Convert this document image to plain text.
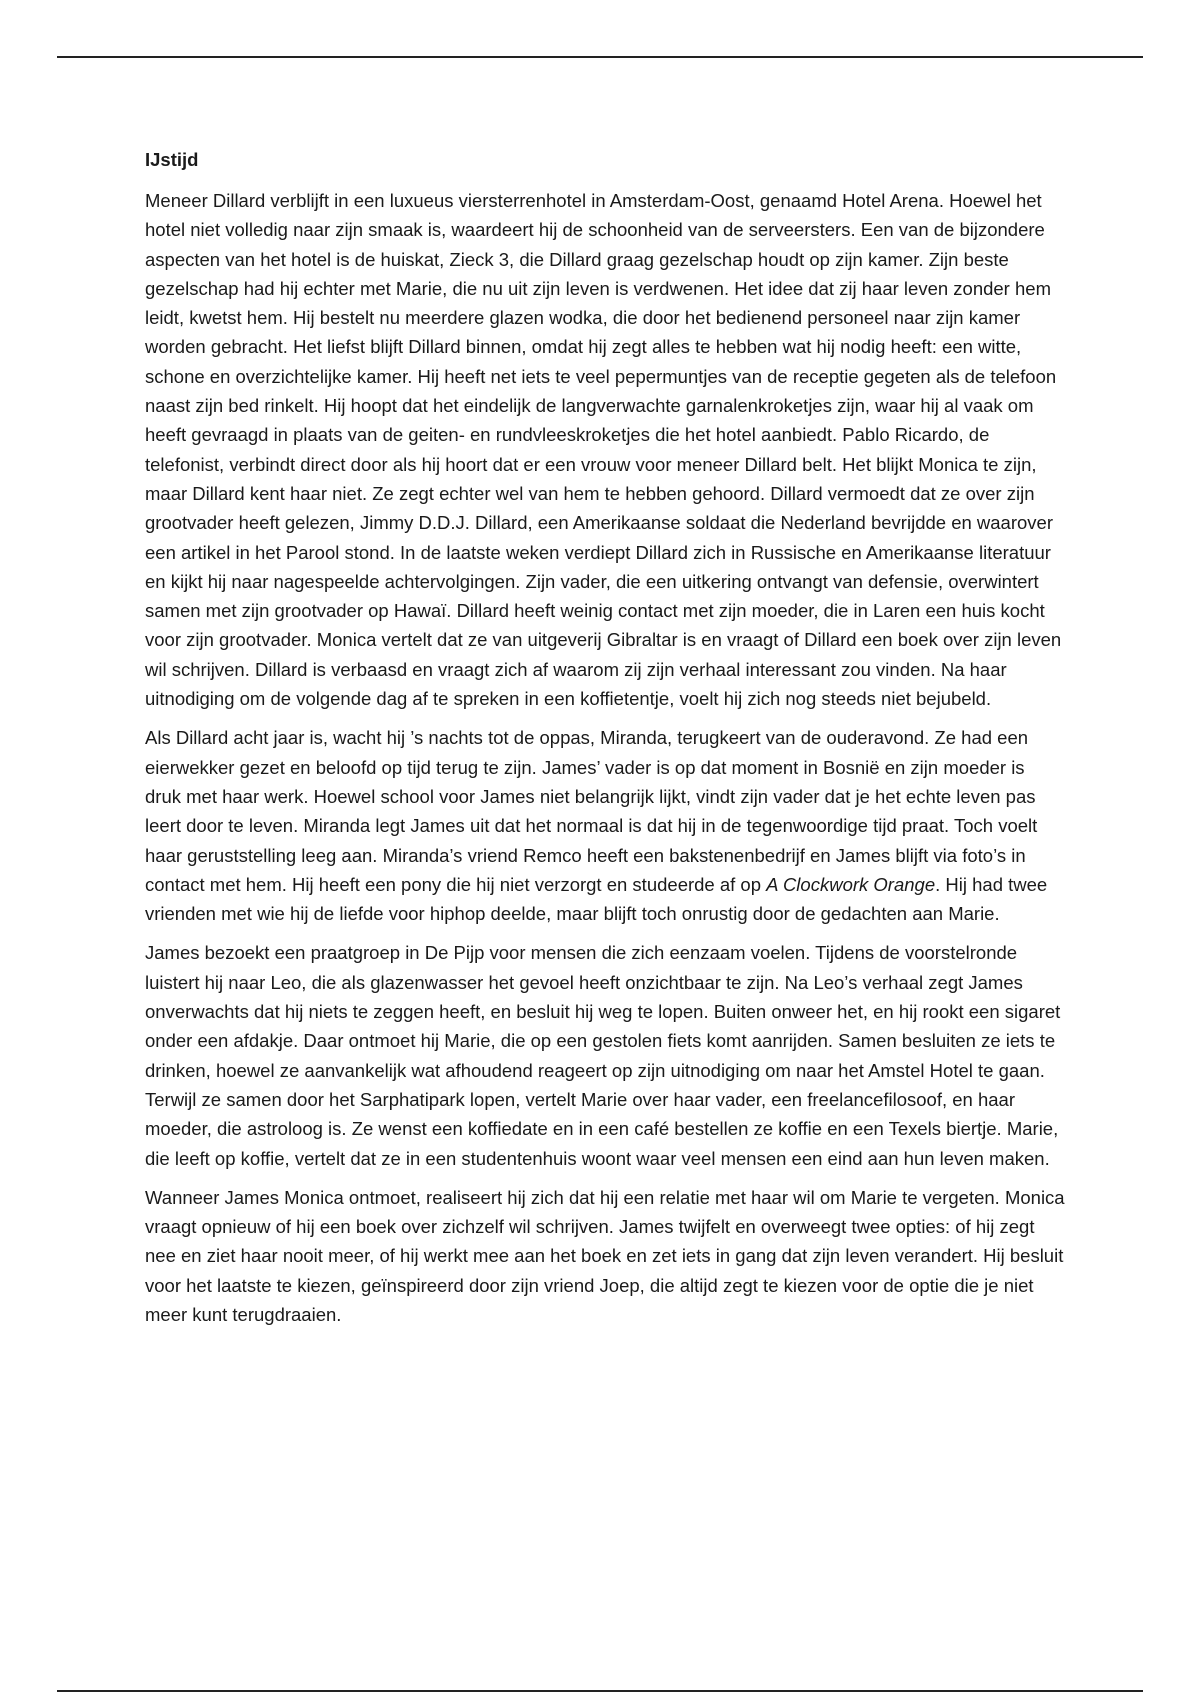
IJstijd

Meneer Dillard verblijft in een luxueus viersterrenhotel in Amsterdam-Oost, genaamd Hotel Arena. Hoewel het hotel niet volledig naar zijn smaak is, waardeert hij de schoonheid van de serveersters. Een van de bijzondere aspecten van het hotel is de huiskat, Zieck 3, die Dillard graag gezelschap houdt op zijn kamer. Zijn beste gezelschap had hij echter met Marie, die nu uit zijn leven is verdwenen. Het idee dat zij haar leven zonder hem leidt, kwetst hem. Hij bestelt nu meerdere glazen wodka, die door het bedienend personeel naar zijn kamer worden gebracht. Het liefst blijft Dillard binnen, omdat hij zegt alles te hebben wat hij nodig heeft: een witte, schone en overzichtelijke kamer. Hij heeft net iets te veel pepermuntjes van de receptie gegeten als de telefoon naast zijn bed rinkelt. Hij hoopt dat het eindelijk de langverwachte garnalenkroketjes zijn, waar hij al vaak om heeft gevraagd in plaats van de geiten- en rundvleeskroketjes die het hotel aanbiedt. Pablo Ricardo, de telefonist, verbindt direct door als hij hoort dat er een vrouw voor meneer Dillard belt. Het blijkt Monica te zijn, maar Dillard kent haar niet. Ze zegt echter wel van hem te hebben gehoord. Dillard vermoedt dat ze over zijn grootvader heeft gelezen, Jimmy D.D.J. Dillard, een Amerikaanse soldaat die Nederland bevrijdde en waarover een artikel in het Parool stond. In de laatste weken verdiept Dillard zich in Russische en Amerikaanse literatuur en kijkt hij naar nagespeelde achtervolgingen. Zijn vader, die een uitkering ontvangt van defensie, overwintert samen met zijn grootvader op Hawaï. Dillard heeft weinig contact met zijn moeder, die in Laren een huis kocht voor zijn grootvader. Monica vertelt dat ze van uitgeverij Gibraltar is en vraagt of Dillard een boek over zijn leven wil schrijven. Dillard is verbaasd en vraagt zich af waarom zij zijn verhaal interessant zou vinden. Na haar uitnodiging om de volgende dag af te spreken in een koffietentje, voelt hij zich nog steeds niet bejubeld.

Als Dillard acht jaar is, wacht hij ’s nachts tot de oppas, Miranda, terugkeert van de ouderavond. Ze had een eierwekker gezet en beloofd op tijd terug te zijn. James’ vader is op dat moment in Bosnië en zijn moeder is druk met haar werk. Hoewel school voor James niet belangrijk lijkt, vindt zijn vader dat je het echte leven pas leert door te leven. Miranda legt James uit dat het normaal is dat hij in de tegenwoordige tijd praat. Toch voelt haar geruststelling leeg aan. Miranda’s vriend Remco heeft een bakstenenbedrijf en James blijft via foto’s in contact met hem. Hij heeft een pony die hij niet verzorgt en studeerde af op A Clockwork Orange. Hij had twee vrienden met wie hij de liefde voor hiphop deelde, maar blijft toch onrustig door de gedachten aan Marie.

James bezoekt een praatgroep in De Pijp voor mensen die zich eenzaam voelen. Tijdens de voorstelronde luistert hij naar Leo, die als glazenwasser het gevoel heeft onzichtbaar te zijn. Na Leo’s verhaal zegt James onverwachts dat hij niets te zeggen heeft, en besluit hij weg te lopen. Buiten onweer het, en hij rookt een sigaret onder een afdakje. Daar ontmoet hij Marie, die op een gestolen fiets komt aanrijden. Samen besluiten ze iets te drinken, hoewel ze aanvankelijk wat afhoudend reageert op zijn uitnodiging om naar het Amstel Hotel te gaan. Terwijl ze samen door het Sarphatipark lopen, vertelt Marie over haar vader, een freelancefilosoof, en haar moeder, die astroloog is. Ze wenst een koffiedate en in een café bestellen ze koffie en een Texels biertje. Marie, die leeft op koffie, vertelt dat ze in een studentenhuis woont waar veel mensen een eind aan hun leven maken.

Wanneer James Monica ontmoet, realiseert hij zich dat hij een relatie met haar wil om Marie te vergeten. Monica vraagt opnieuw of hij een boek over zichzelf wil schrijven. James twijfelt en overweegt twee opties: of hij zegt nee en ziet haar nooit meer, of hij werkt mee aan het boek en zet iets in gang dat zijn leven verandert. Hij besluit voor het laatste te kiezen, geïnspireerd door zijn vriend Joep, die altijd zegt te kiezen voor de optie die je niet meer kunt terugdraaien.
